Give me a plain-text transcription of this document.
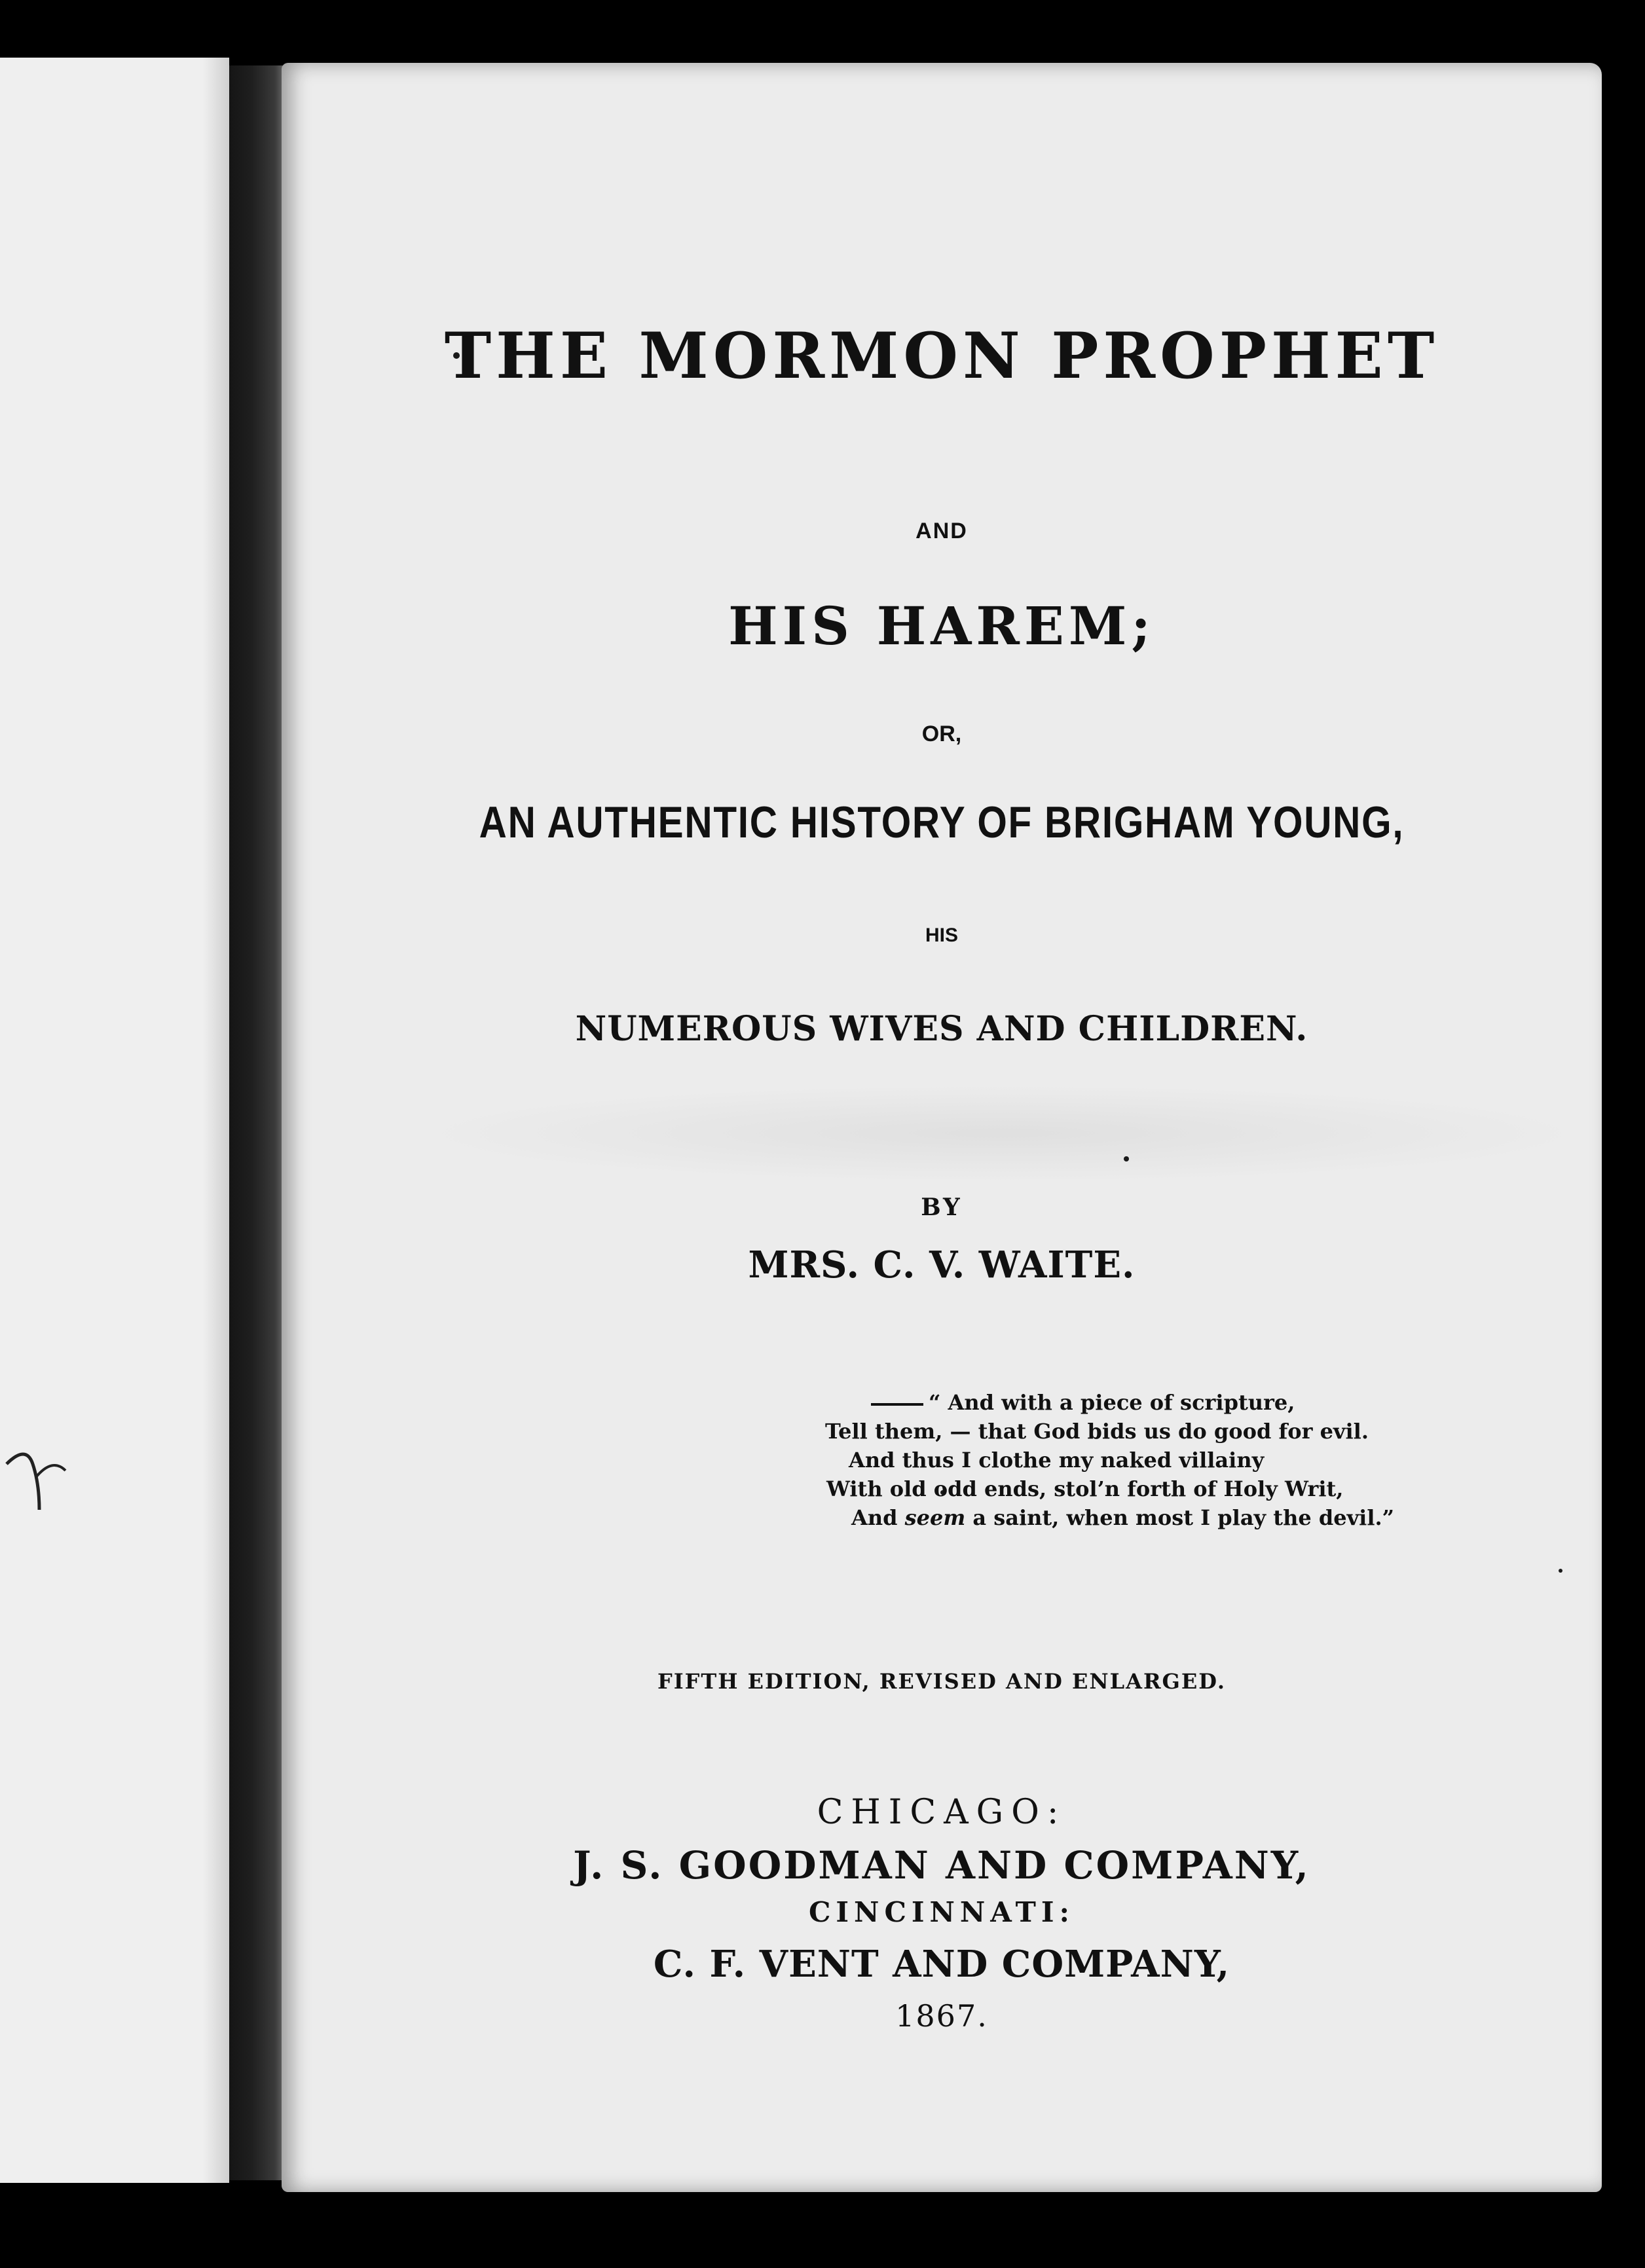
THE MORMON PROPHET
AND
HIS HAREM;
OR,
AN AUTHENTIC HISTORY OF BRIGHAM YOUNG,
HIS
NUMEROUS WIVES AND CHILDREN.
BY
MRS. C. V. WAITE.
“ And with a piece of scripture,
Tell them, — that God bids us do good for evil.
And thus I clothe my naked villainy
With old odd ends, stol’n forth of Holy Writ,
And seem a saint, when most I play the devil.”
FIFTH EDITION, REVISED AND ENLARGED.
CHICAGO:
J. S. GOODMAN AND COMPANY,
CINCINNATI:
C. F. VENT AND COMPANY,
1867.
